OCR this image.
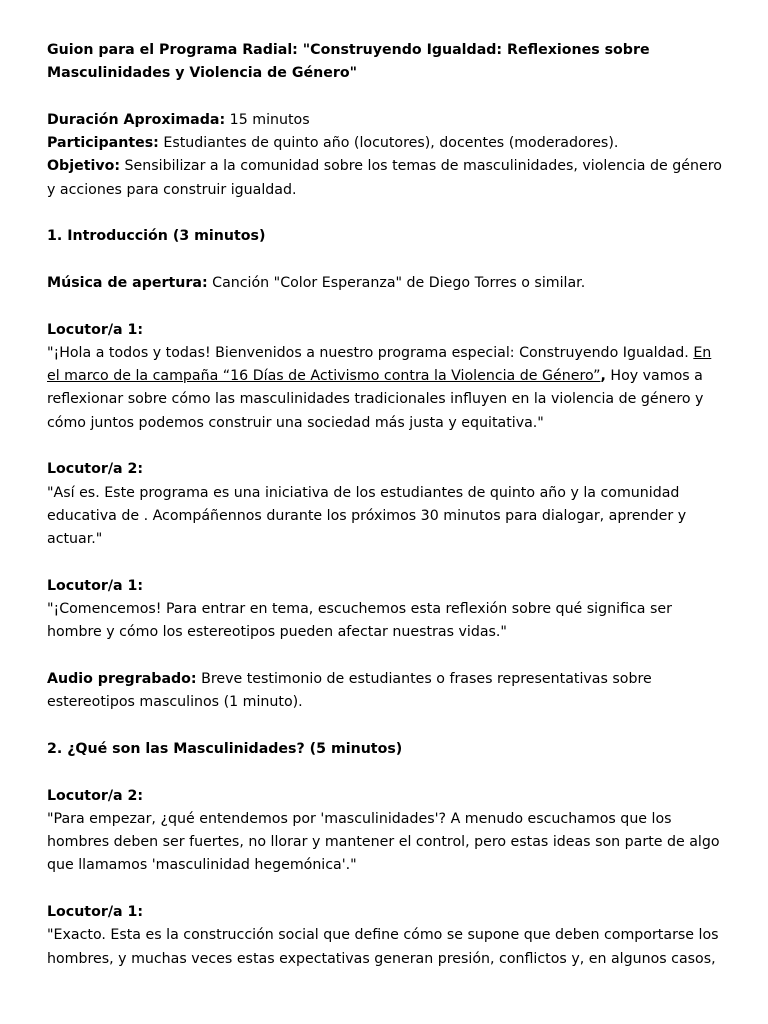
Guion para el Programa Radial: "Construyendo Igualdad: Reflexiones sobre Masculinidades y Violencia de Género"

Duración Aproximada: 15 minutos

Participantes: Estudiantes de quinto año (locutores), docentes (moderadores).

Objetivo: Sensibilizar a la comunidad sobre los temas de masculinidades, violencia de género y acciones para construir igualdad.

1. Introducción (3 minutos)

Música de apertura: Canción "Color Esperanza" de Diego Torres o similar.

Locutor/a 1:

"¡Hola a todos y todas! Bienvenidos a nuestro programa especial: Construyendo Igualdad. En el marco de la campaña “16 Días de Activismo contra la Violencia de Género”, Hoy vamos a reflexionar sobre cómo las masculinidades tradicionales influyen en la violencia de género y cómo juntos podemos construir una sociedad más justa y equitativa."

Locutor/a 2:

"Así es. Este programa es una iniciativa de los estudiantes de quinto año y la comunidad educativa de . Acompáñennos durante los próximos 30 minutos para dialogar, aprender y actuar."

Locutor/a 1:

"¡Comencemos! Para entrar en tema, escuchemos esta reflexión sobre qué significa ser hombre y cómo los estereotipos pueden afectar nuestras vidas."

Audio pregrabado: Breve testimonio de estudiantes o frases representativas sobre estereotipos masculinos (1 minuto).

2. ¿Qué son las Masculinidades? (5 minutos)

Locutor/a 2:

"Para empezar, ¿qué entendemos por 'masculinidades'? A menudo escuchamos que los hombres deben ser fuertes, no llorar y mantener el control, pero estas ideas son parte de algo que llamamos 'masculinidad hegemónica'."

Locutor/a 1:

"Exacto. Esta es la construcción social que define cómo se supone que deben comportarse los hombres, y muchas veces estas expectativas generan presión, conflictos y, en algunos casos,
